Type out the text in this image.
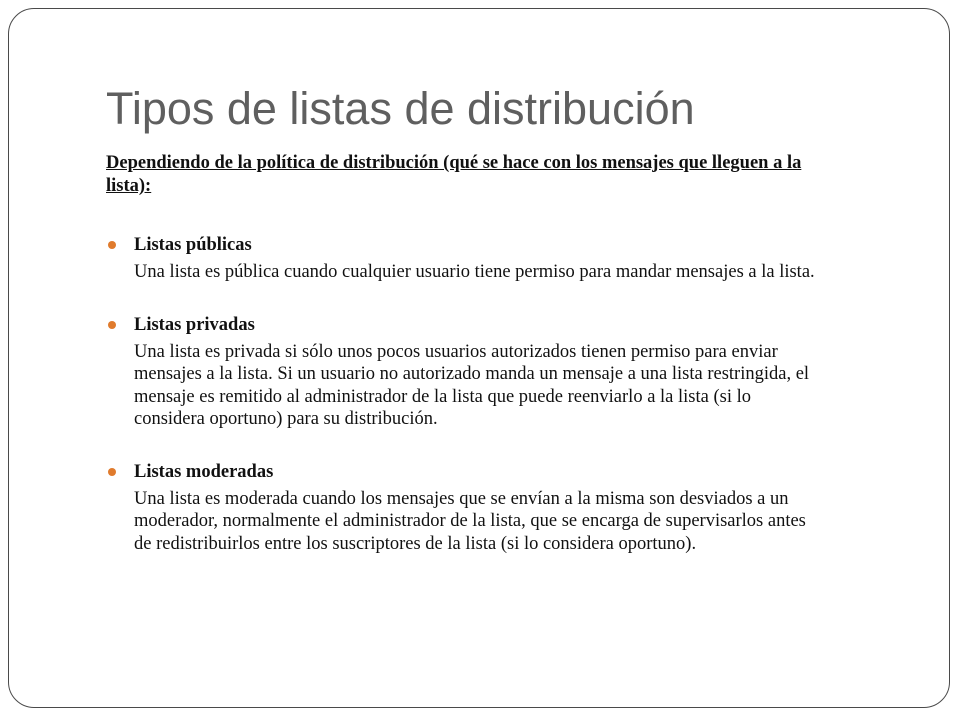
Tipos de listas de distribución

Dependiendo de la política de distribución (qué se hace con los mensajes que lleguen a la lista):

Listas públicas
Una lista es pública cuando cualquier usuario tiene permiso para mandar mensajes a la lista.
Listas privadas
Una lista es privada si sólo unos pocos usuarios autorizados tienen permiso para enviar mensajes a la lista. Si un usuario no autorizado manda un mensaje a una lista restringida, el mensaje es remitido al administrador de la lista que puede reenviarlo a la lista (si lo considera oportuno) para su distribución.
Listas moderadas
Una lista es moderada cuando los mensajes que se envían a la misma son desviados a un moderador, normalmente el administrador de la lista, que se encarga de supervisarlos antes de redistribuirlos entre los suscriptores de la lista (si lo considera oportuno).
